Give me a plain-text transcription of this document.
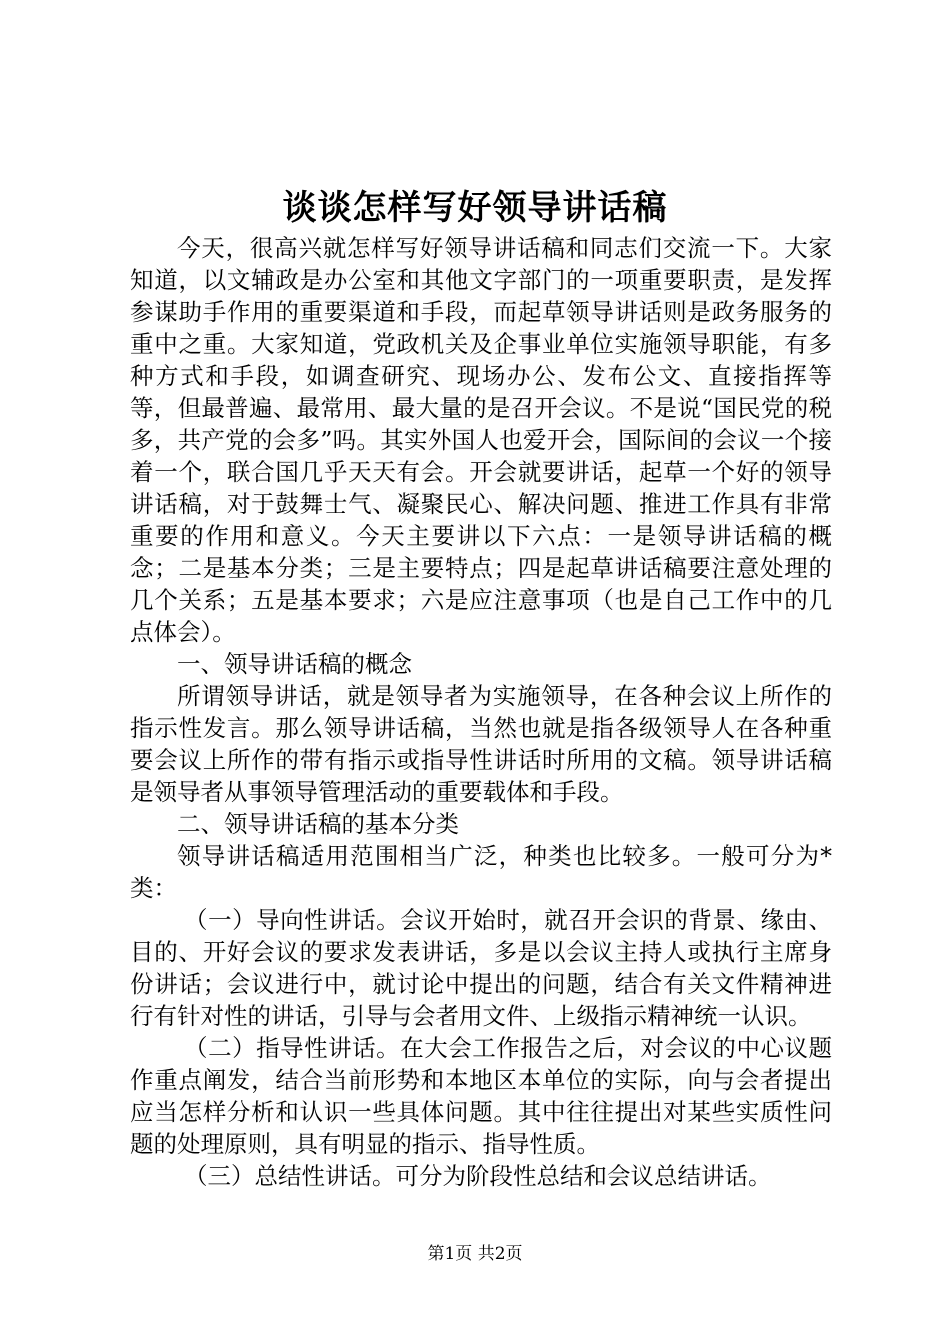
谈谈怎样写好领导讲话稿

今天，很高兴就怎样写好领导讲话稿和同志们交流一下。大家知道，以文辅政是办公室和其他文字部门的一项重要职责，是发挥参谋助手作用的重要渠道和手段，而起草领导讲话则是政务服务的重中之重。大家知道，党政机关及企事业单位实施领导职能，有多种方式和手段，如调查研究、现场办公、发布公文、直接指挥等等，但最普遍、最常用、最大量的是召开会议。不是说“国民党的税多，共产党的会多”吗。其实外国人也爱开会，国际间的会议一个接着一个，联合国几乎天天有会。开会就要讲话，起草一个好的领导讲话稿，对于鼓舞士气、凝聚民心、解决问题、推进工作具有非常重要的作用和意义。今天主要讲以下六点：一是领导讲话稿的概念；二是基本分类；三是主要特点；四是起草讲话稿要注意处理的几个关系；五是基本要求；六是应注意事项（也是自己工作中的几点体会）。

一、领导讲话稿的概念

所谓领导讲话，就是领导者为实施领导，在各种会议上所作的指示性发言。那么领导讲话稿，当然也就是指各级领导人在各种重要会议上所作的带有指示或指导性讲话时所用的文稿。领导讲话稿是领导者从事领导管理活动的重要载体和手段。

二、领导讲话稿的基本分类

领导讲话稿适用范围相当广泛，种类也比较多。一般可分为*类：

（一）导向性讲话。会议开始时，就召开会识的背景、缘由、目的、开好会议的要求发表讲话，多是以会议主持人或执行主席身份讲话；会议进行中，就讨论中提出的问题，结合有关文件精神进行有针对性的讲话，引导与会者用文件、上级指示精神统一认识。

（二）指导性讲话。在大会工作报告之后，对会议的中心议题作重点阐发，结合当前形势和本地区本单位的实际，向与会者提出应当怎样分析和认识一些具体问题。其中往往提出对某些实质性问题的处理原则，具有明显的指示、指导性质。

（三）总结性讲话。可分为阶段性总结和会议总结讲话。

第1页 共2页
